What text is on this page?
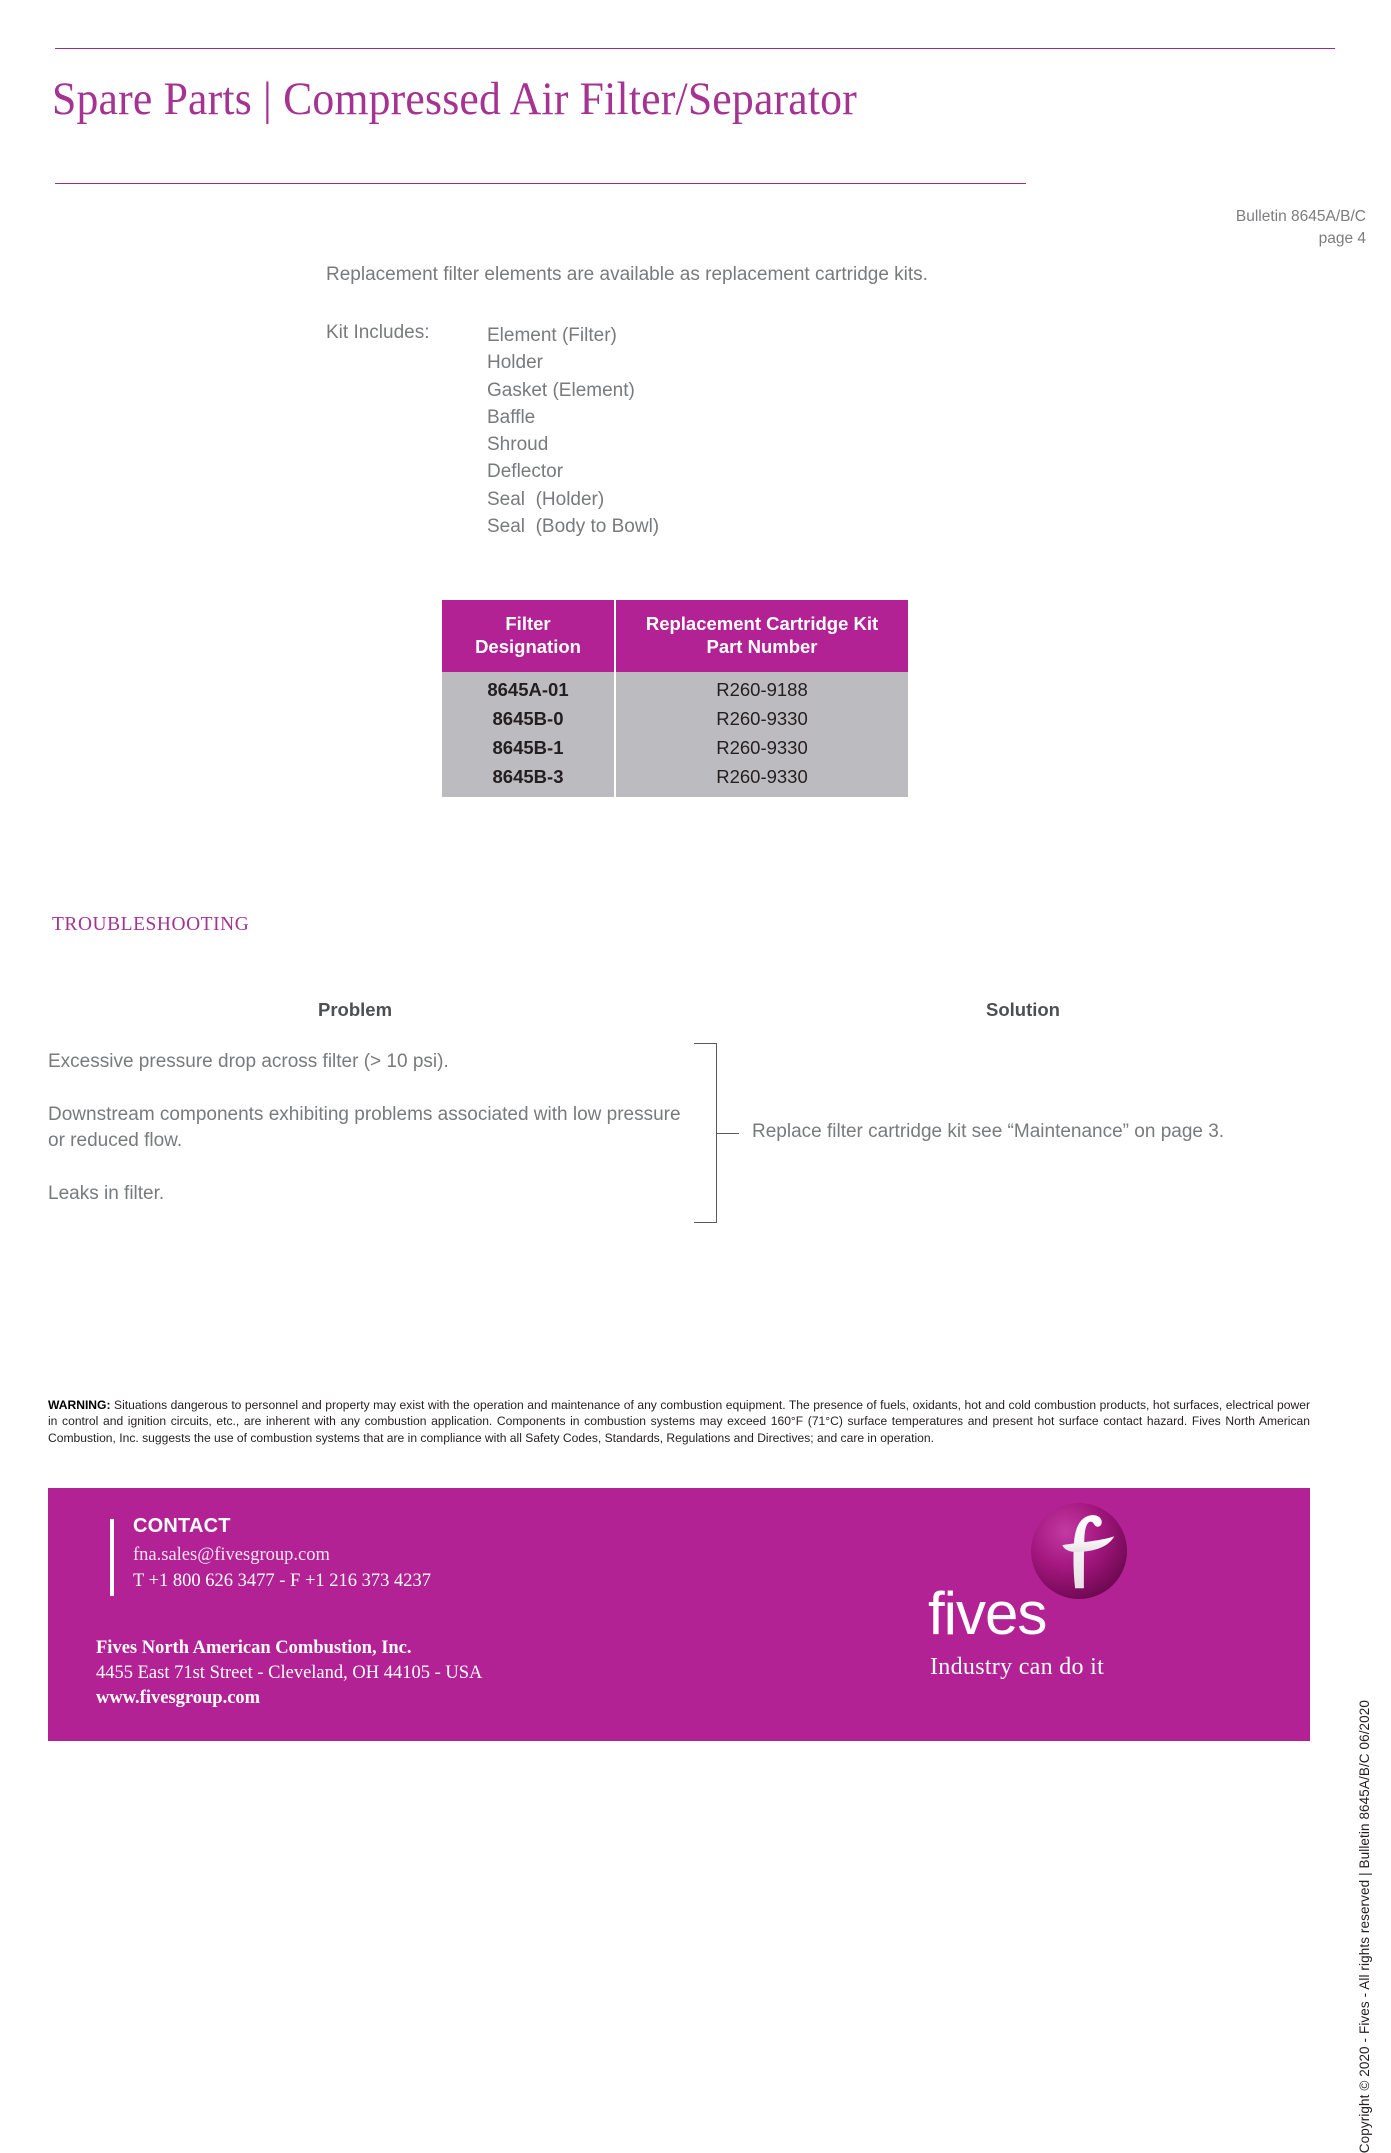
Spare Parts | Compressed Air Filter/Separator
Bulletin 8645A/B/C
page 4
Replacement filter elements are available as replacement cartridge kits.
Kit Includes:	Element (Filter)
Holder
Gasket (Element)
Baffle
Shroud
Deflector
Seal  (Holder)
Seal  (Body to Bowl)
Filter
Designation

Replacement Cartridge Kit
Part Number

8645A-01	R260-9188
8645B-0	R260-9330
8645B-1	R260-9330
8645B-3	R260-9330
TROUBLESHOOTING
Problem	Solution
Excessive pressure drop across filter (> 10 psi).
Downstream components exhibiting problems associated with low pressure or reduced flow.
Leaks in filter.
Replace filter cartridge kit see “Maintenance” on page 3.
WARNING: Situations dangerous to personnel and property may exist with the operation and maintenance of any combustion equipment. The presence of fuels, oxidants, hot and cold combustion products, hot surfaces, electrical power in control and ignition circuits, etc., are inherent with any combustion application. Components in combustion systems may exceed 160°F (71°C) surface temperatures and present hot surface contact hazard. Fives North American Combustion, Inc. suggests the use of combustion systems that are in compliance with all Safety Codes, Standards, Regulations and Directives; and care in operation.
CONTACT
fna.sales@fivesgroup.com
T +1 800 626 3477 - F +1 216 373 4237
Fives North American Combustion, Inc.
4455 East 71st Street - Cleveland, OH 44105 - USA
www.fivesgroup.com
fives
Industry can do it
Copyright © 2020 - Fives - All rights reserved | Bulletin 8645A/B/C 06/2020
